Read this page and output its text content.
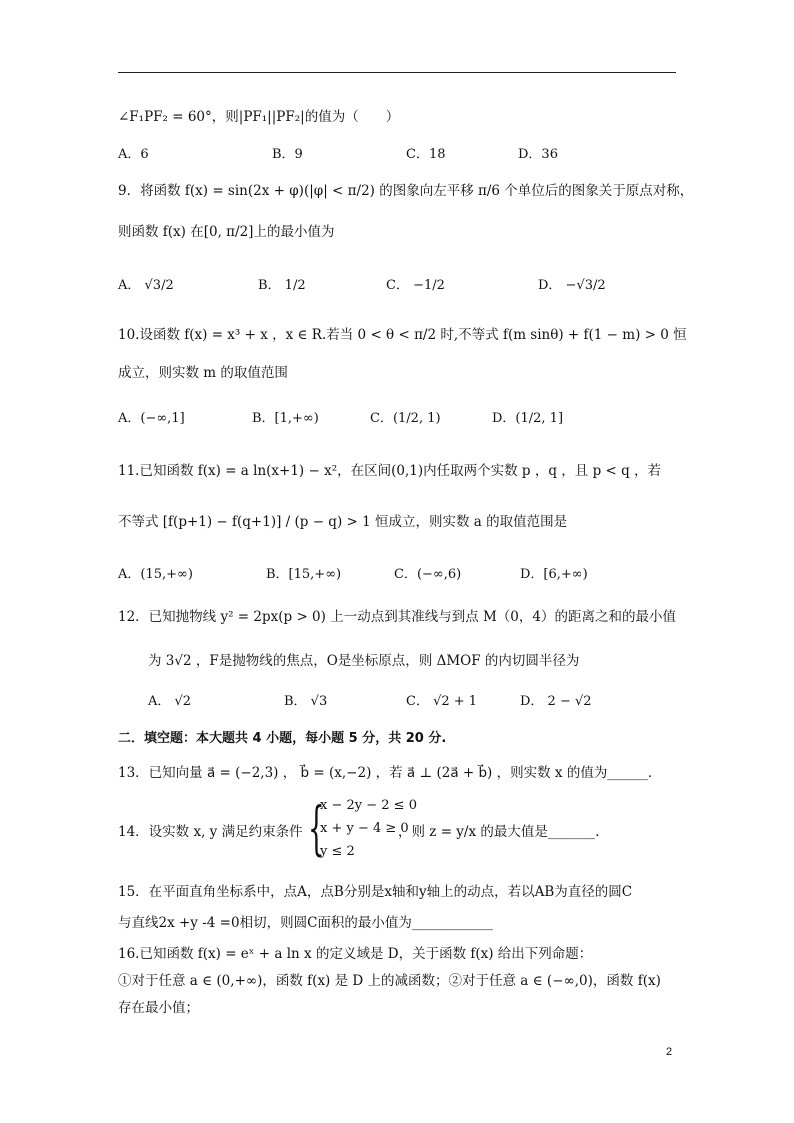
∠F₁PF₂ = 60°，则|PF₁||PF₂|的值为（　　）
A．6	B．9	C．18	D．36
9．将函数 f(x) = sin(2x + φ)(|φ| < π/2) 的图象向左平移 π/6 个单位后的图象关于原点对称，
则函数 f(x) 在[0, π/2]上的最小值为
A． √3/2	B． 1/2	C． −1/2	D． −√3/2
10.设函数 f(x) = x³ + x ，x ∈ R.若当 0 < θ < π/2 时,不等式 f(m sinθ) + f(1 − m) > 0 恒
成立，则实数 m 的取值范围
A．(−∞,1]	B．[1,+∞)	C．(1/2, 1)	D．(1/2, 1]
11.已知函数 f(x) = a ln(x+1) − x²，在区间(0,1)内任取两个实数 p ，q ，且 p < q ，若
不等式 [f(p+1) − f(q+1)] / (p − q) > 1 恒成立，则实数 a 的取值范围是
A．(15,+∞)	B．[15,+∞)	C．(−∞,6)	D．[6,+∞)
12．已知抛物线 y² = 2px(p > 0) 上一动点到其准线与到点 M（0，4）的距离之和的最小值
为 3√2 ，F是抛物线的焦点，O是坐标原点，则 ΔMOF 的内切圆半径为
A． √2	B． √3	C． √2 + 1	D． 2 − √2
二．填空题：本大题共 4 小题，每小题 5 分，共 20 分.
13．已知向量 a⃗ = (−2,3) ， b⃗ = (x,−2) ，若 a⃗ ⊥ (2a⃗ + b⃗) ，则实数 x 的值为______．
14．设实数 x, y 满足约束条件 {
x − 2y − 2 ≤ 0
x + y − 4 ≥ 0
y ≤ 2
，则 z = y/x 的最大值是_______.
15．在平面直角坐标系中，点A，点B分别是x轴和y轴上的动点，若以AB为直径的圆C
与直线2x +y -4 =0相切，则圆C面积的最小值为____________
16.已知函数 f(x) = eˣ + a ln x 的定义域是 D，关于函数 f(x) 给出下列命题：
①对于任意 a ∈ (0,+∞)，函数 f(x) 是 D 上的减函数；②对于任意 a ∈ (−∞,0)，函数 f(x)
存在最小值；
2
